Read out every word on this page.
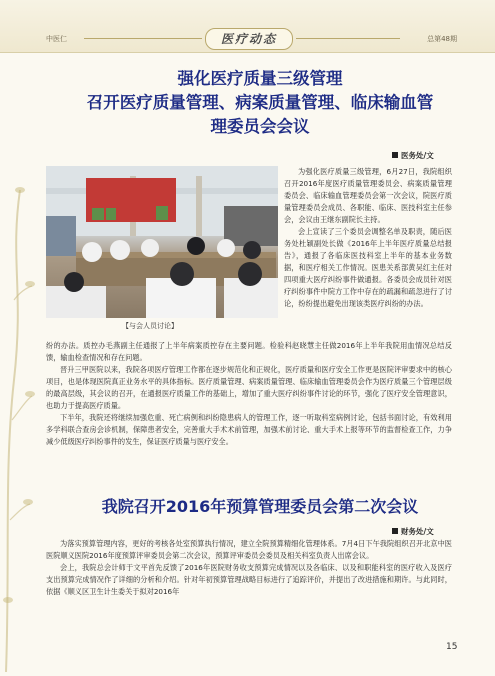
中医仁	医疗动态	总第48期
强化医疗质量三级管理
召开医疗质量管理、病案质量管理、临床输血管
理委员会会议
医务处/文
【与会人员讨论】

为强化医疗质量三级管理，6月27日，我院组织召开2016年度医疗质量管理委员会、病案质量管理委员会、临床输血管理委员会第一次会议，院医疗质量管理委员会成员、各职能、临床、医技科室主任参会，会议由王继东副院长主持。

会上宣读了三个委员会调整名单及职责，随后医务处杜颖副处长做《2016年上半年医疗质量总结报告》，通报了各临床医技科室上半年的基本业务数据，和医疗相关工作情况。医患关系部黄吴红主任对四项重大医疗纠纷事件做通报。各委员会成员针对医疗纠纷事件中院方工作中存在的疏漏和疏忽进行了讨论，纷纷提出避免出现该类医疗纠纷的办法。

纷的办法。质控办毛燕副主任通报了上半年病案质控存在主要问题。检验科赵晓慧主任做2016年上半年我院用血情况总结反馈，输血检查情况和存在问题。

晋升三甲医院以来，我院各项医疗管理工作都在逐步规范化和正规化，医疗质量和医疗安全工作更是医院评审要求中的核心项目，也是体现医院真正业务水平的具体指标。医疗质量管理、病案质量管理、临床输血管理委员会作为医疗质量三个管理层级的最高层级，其会议的召开，在通报医疗质量工作的基础上，增加了重大医疗纠纷事件讨论的环节，强化了医疗安全管理意识，也助力于提高医疗质量。

下半年，我院还将继续加强危重、死亡病例和纠纷隐患病人的管理工作，逐一听取科室病例讨论，包括书面讨论，有效利用多学科联合查房会诊机制，保障患者安全，完善重大手术术前管理，加强术前讨论、重大手术上报等环节的监督检查工作，力争减少低级医疗纠纷事件的发生，保证医疗质量与医疗安全。

我院召开2016年预算管理委员会第二次会议
财务处/文

为落实预算管理内容，更好的考核各处室预算执行情况，建立全院预算精细化管理体系。7月4日下午我院组织召开北京中医医院顺义医院2016年度预算评审委员会第二次会议，预算评审委员会委员及相关科室负责人出席会议。

会上，我院总会计师于文平首先反馈了2016年医院财务收支预算完成情况以及各临床、以及和职能科室的医疗收入及医疗支出预算完成情况作了详细的分析和介绍。针对年初预算管理战略目标进行了追踪评价，并提出了改进措施和期许。与此同时，依据《顺义区卫生计生委关于拟对2016年

15
